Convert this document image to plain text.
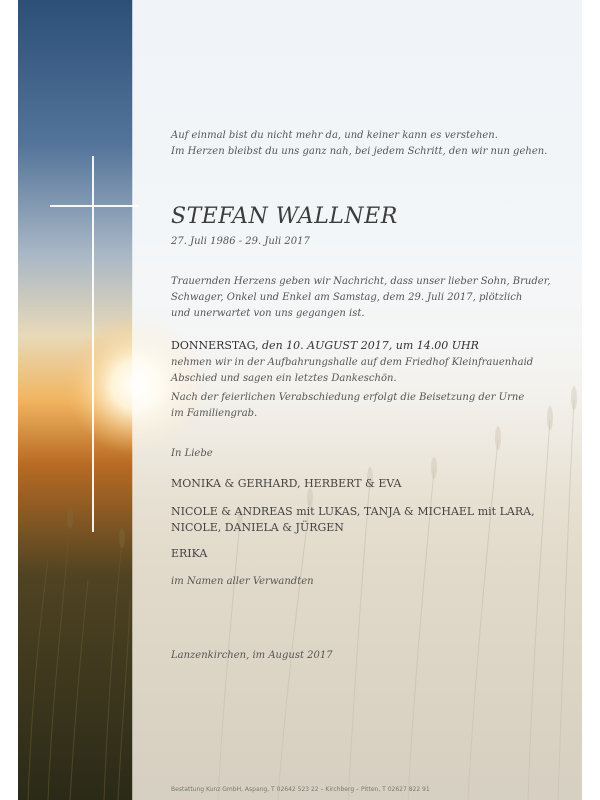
Auf einmal bist du nicht mehr da, und keiner kann es verstehen.
Im Herzen bleibst du uns ganz nah, bei jedem Schritt, den wir nun gehen.

STEFAN WALLNER

27. Juli 1986 - 29. Juli 2017

Trauernden Herzens geben wir Nachricht, dass unser lieber Sohn, Bruder,
Schwager, Onkel und Enkel am Samstag, dem 29. Juli 2017, plötzlich
und unerwartet von uns gegangen ist.

DONNERSTAG, den 10. AUGUST 2017, um 14.00 UHR

nehmen wir in der Aufbahrungshalle auf dem Friedhof Kleinfrauenhaid
Abschied und sagen ein letztes Dankeschön.

Nach der feierlichen Verabschiedung erfolgt die Beisetzung der Urne
im Familiengrab.

In Liebe

MONIKA & GERHARD, HERBERT & EVA

NICOLE & ANDREAS mit LUKAS, TANJA & MICHAEL mit LARA,
NICOLE, DANIELA & JÜRGEN

ERIKA

im Namen aller Verwandten

Lanzenkirchen, im August 2017

Bestattung Kunz GmbH, Aspang, T 02642 523 22 – Kirchberg – Pitten, T 02627 822 91
